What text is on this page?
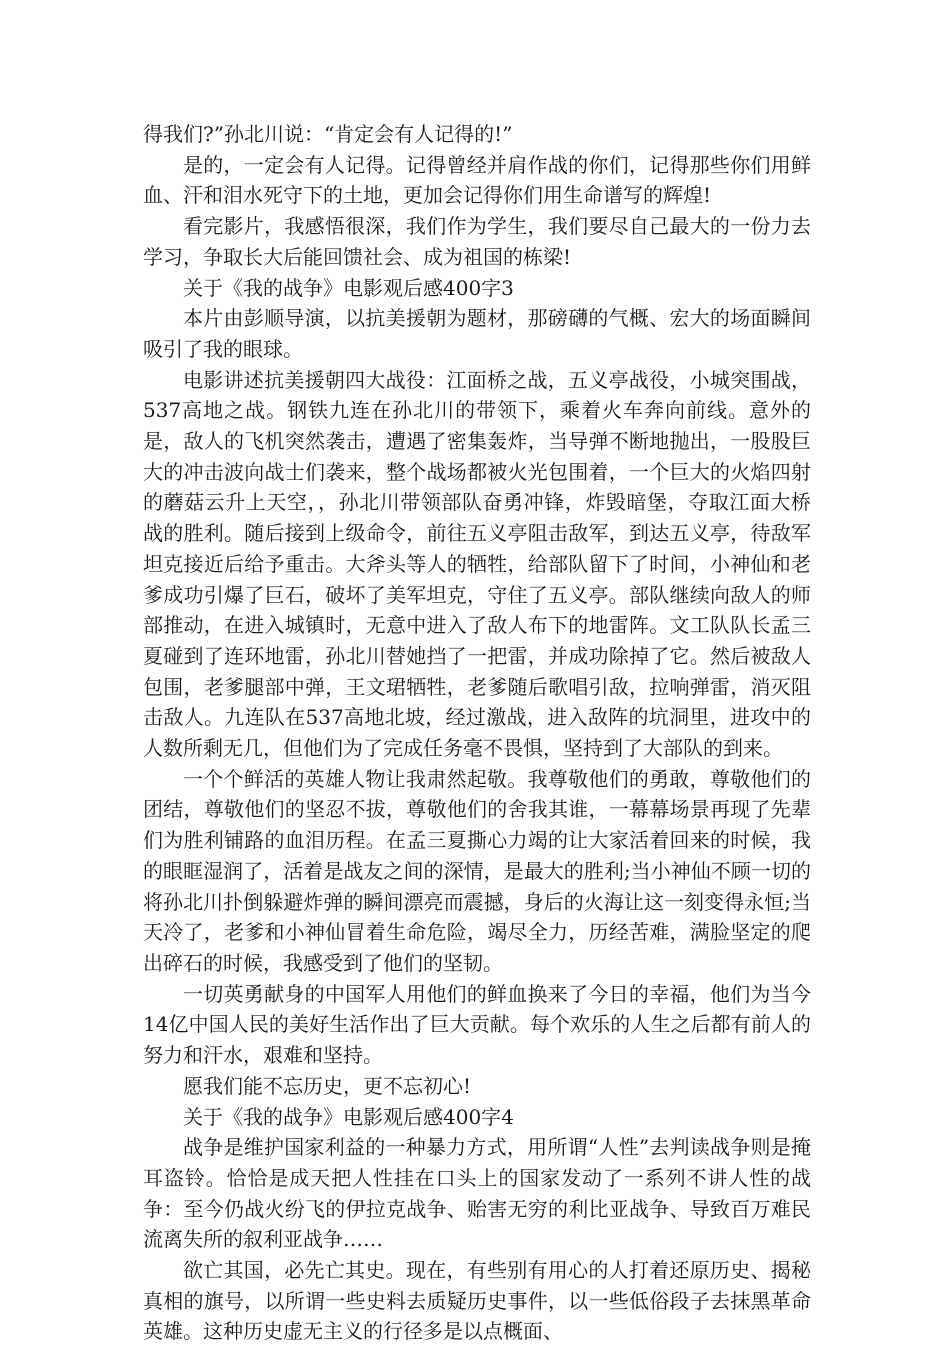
得我们?”孙北川说：“肯定会有人记得的!”

是的，一定会有人记得。记得曾经并肩作战的你们，记得那些你们用鲜血、汗和泪水死守下的土地，更加会记得你们用生命谱写的辉煌!

看完影片，我感悟很深，我们作为学生，我们要尽自己最大的一份力去学习，争取长大后能回馈社会、成为祖国的栋梁!

关于《我的战争》电影观后感400字3

本片由彭顺导演，以抗美援朝为题材，那磅礴的气概、宏大的场面瞬间吸引了我的眼球。

电影讲述抗美援朝四大战役：江面桥之战，五义亭战役，小城突围战，537高地之战。钢铁九连在孙北川的带领下，乘着火车奔向前线。意外的是，敌人的飞机突然袭击，遭遇了密集轰炸，当导弹不断地抛出，一股股巨大的冲击波向战士们袭来，整个战场都被火光包围着，一个巨大的火焰四射的蘑菇云升上天空，，孙北川带领部队奋勇冲锋，炸毁暗堡，夺取江面大桥战的胜利。随后接到上级命令，前往五义亭阻击敌军，到达五义亭，待敌军坦克接近后给予重击。大斧头等人的牺牲，给部队留下了时间，小神仙和老爹成功引爆了巨石，破坏了美军坦克，守住了五义亭。部队继续向敌人的师部推动，在进入城镇时，无意中进入了敌人布下的地雷阵。文工队队长孟三夏碰到了连环地雷，孙北川替她挡了一把雷，并成功除掉了它。然后被敌人包围，老爹腿部中弹，王文珺牺牲，老爹随后歌唱引敌，拉响弹雷，消灭阻击敌人。九连队在537高地北坡，经过激战，进入敌阵的坑洞里，进攻中的人数所剩无几，但他们为了完成任务毫不畏惧，坚持到了大部队的到来。

一个个鲜活的英雄人物让我肃然起敬。我尊敬他们的勇敢，尊敬他们的团结，尊敬他们的坚忍不拔，尊敬他们的舍我其谁，一幕幕场景再现了先辈们为胜利铺路的血泪历程。在孟三夏撕心力竭的让大家活着回来的时候，我的眼眶湿润了，活着是战友之间的深情，是最大的胜利;当小神仙不顾一切的将孙北川扑倒躲避炸弹的瞬间漂亮而震撼，身后的火海让这一刻变得永恒;当天冷了，老爹和小神仙冒着生命危险，竭尽全力，历经苦难，满脸坚定的爬出碎石的时候，我感受到了他们的坚韧。

一切英勇献身的中国军人用他们的鲜血换来了今日的幸福，他们为当今14亿中国人民的美好生活作出了巨大贡献。每个欢乐的人生之后都有前人的努力和汗水，艰难和坚持。

愿我们能不忘历史，更不忘初心!

关于《我的战争》电影观后感400字4

战争是维护国家利益的一种暴力方式，用所谓“人性”去判读战争则是掩耳盗铃。恰恰是成天把人性挂在口头上的国家发动了一系列不讲人性的战争：至今仍战火纷飞的伊拉克战争、贻害无穷的利比亚战争、导致百万难民流离失所的叙利亚战争……

欲亡其国，必先亡其史。现在，有些别有用心的人打着还原历史、揭秘真相的旗号，以所谓一些史料去质疑历史事件，以一些低俗段子去抹黑革命英雄。这种历史虚无主义的行径多是以点概面、
